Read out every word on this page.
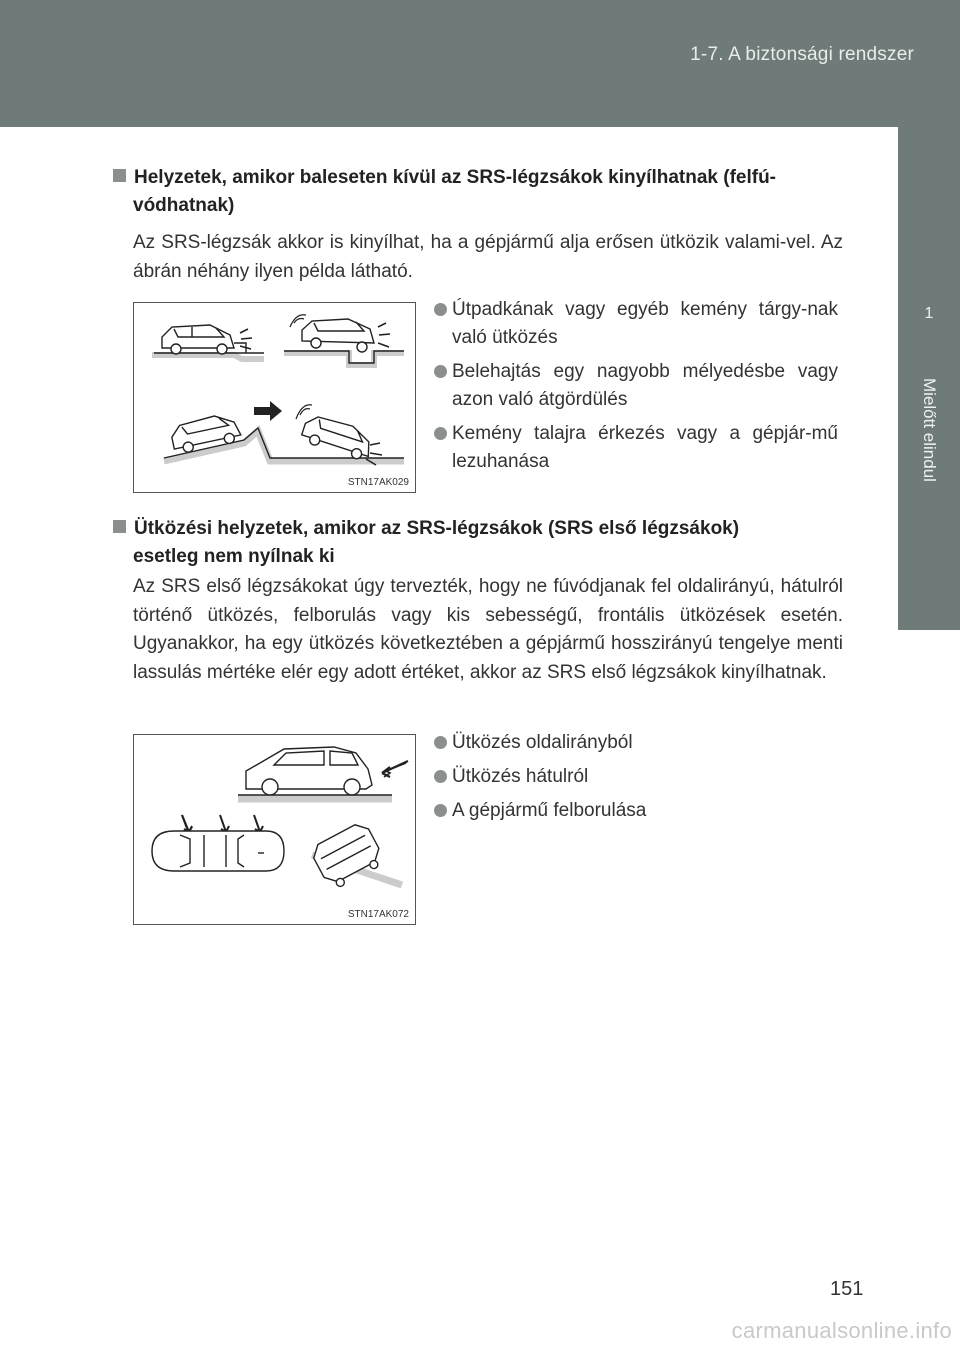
1-7. A biztonsági rendszer
1
Mielőtt elindul
Helyzetek, amikor baleseten kívül az SRS-légzsákok kinyílhatnak (felfú-
vódhatnak)
Az SRS-légzsák akkor is kinyílhat, ha a gépjármű alja erősen ütközik valami-vel. Az ábrán néhány ilyen példa látható.
STN17AK029
Útpadkának vagy egyéb kemény tárgy-nak való ütközés
Belehajtás egy nagyobb mélyedésbe vagy azon való átgördülés
Kemény talajra érkezés vagy a gépjár-mű lezuhanása
Ütközési helyzetek, amikor az SRS-légzsákok (SRS első légzsákok)
esetleg nem nyílnak ki
Az SRS első légzsákokat úgy tervezték, hogy ne fúvódjanak fel oldalirányú, hátulról történő ütközés, felborulás vagy kis sebességű, frontális ütközések esetén. Ugyanakkor, ha egy ütközés következtében a gépjármű hosszirányú tengelye menti lassulás mértéke elér egy adott értéket, akkor az SRS első légzsákok kinyílhatnak.
STN17AK072
Ütközés oldalirányból
Ütközés hátulról
A gépjármű felborulása
151
carmanualsonline.info
